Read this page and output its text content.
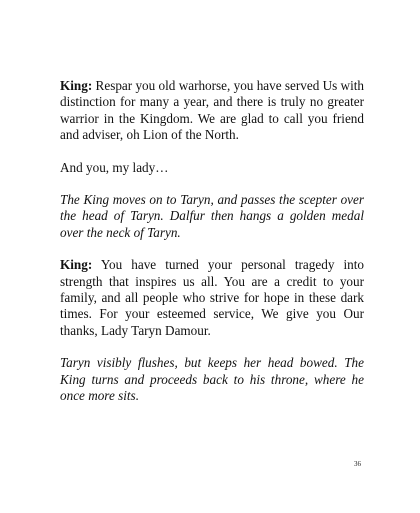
King: Respar you old warhorse, you have served Us with distinction for many a year, and there is truly no greater warrior in the Kingdom. We are glad to call you friend and adviser, oh Lion of the North.

And you, my lady…

The King moves on to Taryn, and passes the scepter over the head of Taryn. Dalfur then hangs a golden medal over the neck of Taryn.

King: You have turned your personal tragedy into strength that inspires us all. You are a credit to your family, and all people who strive for hope in these dark times. For your esteemed service, We give you Our thanks, Lady Taryn Damour.

Taryn visibly flushes, but keeps her head bowed. The King turns and proceeds back to his throne, where he once more sits.

36
